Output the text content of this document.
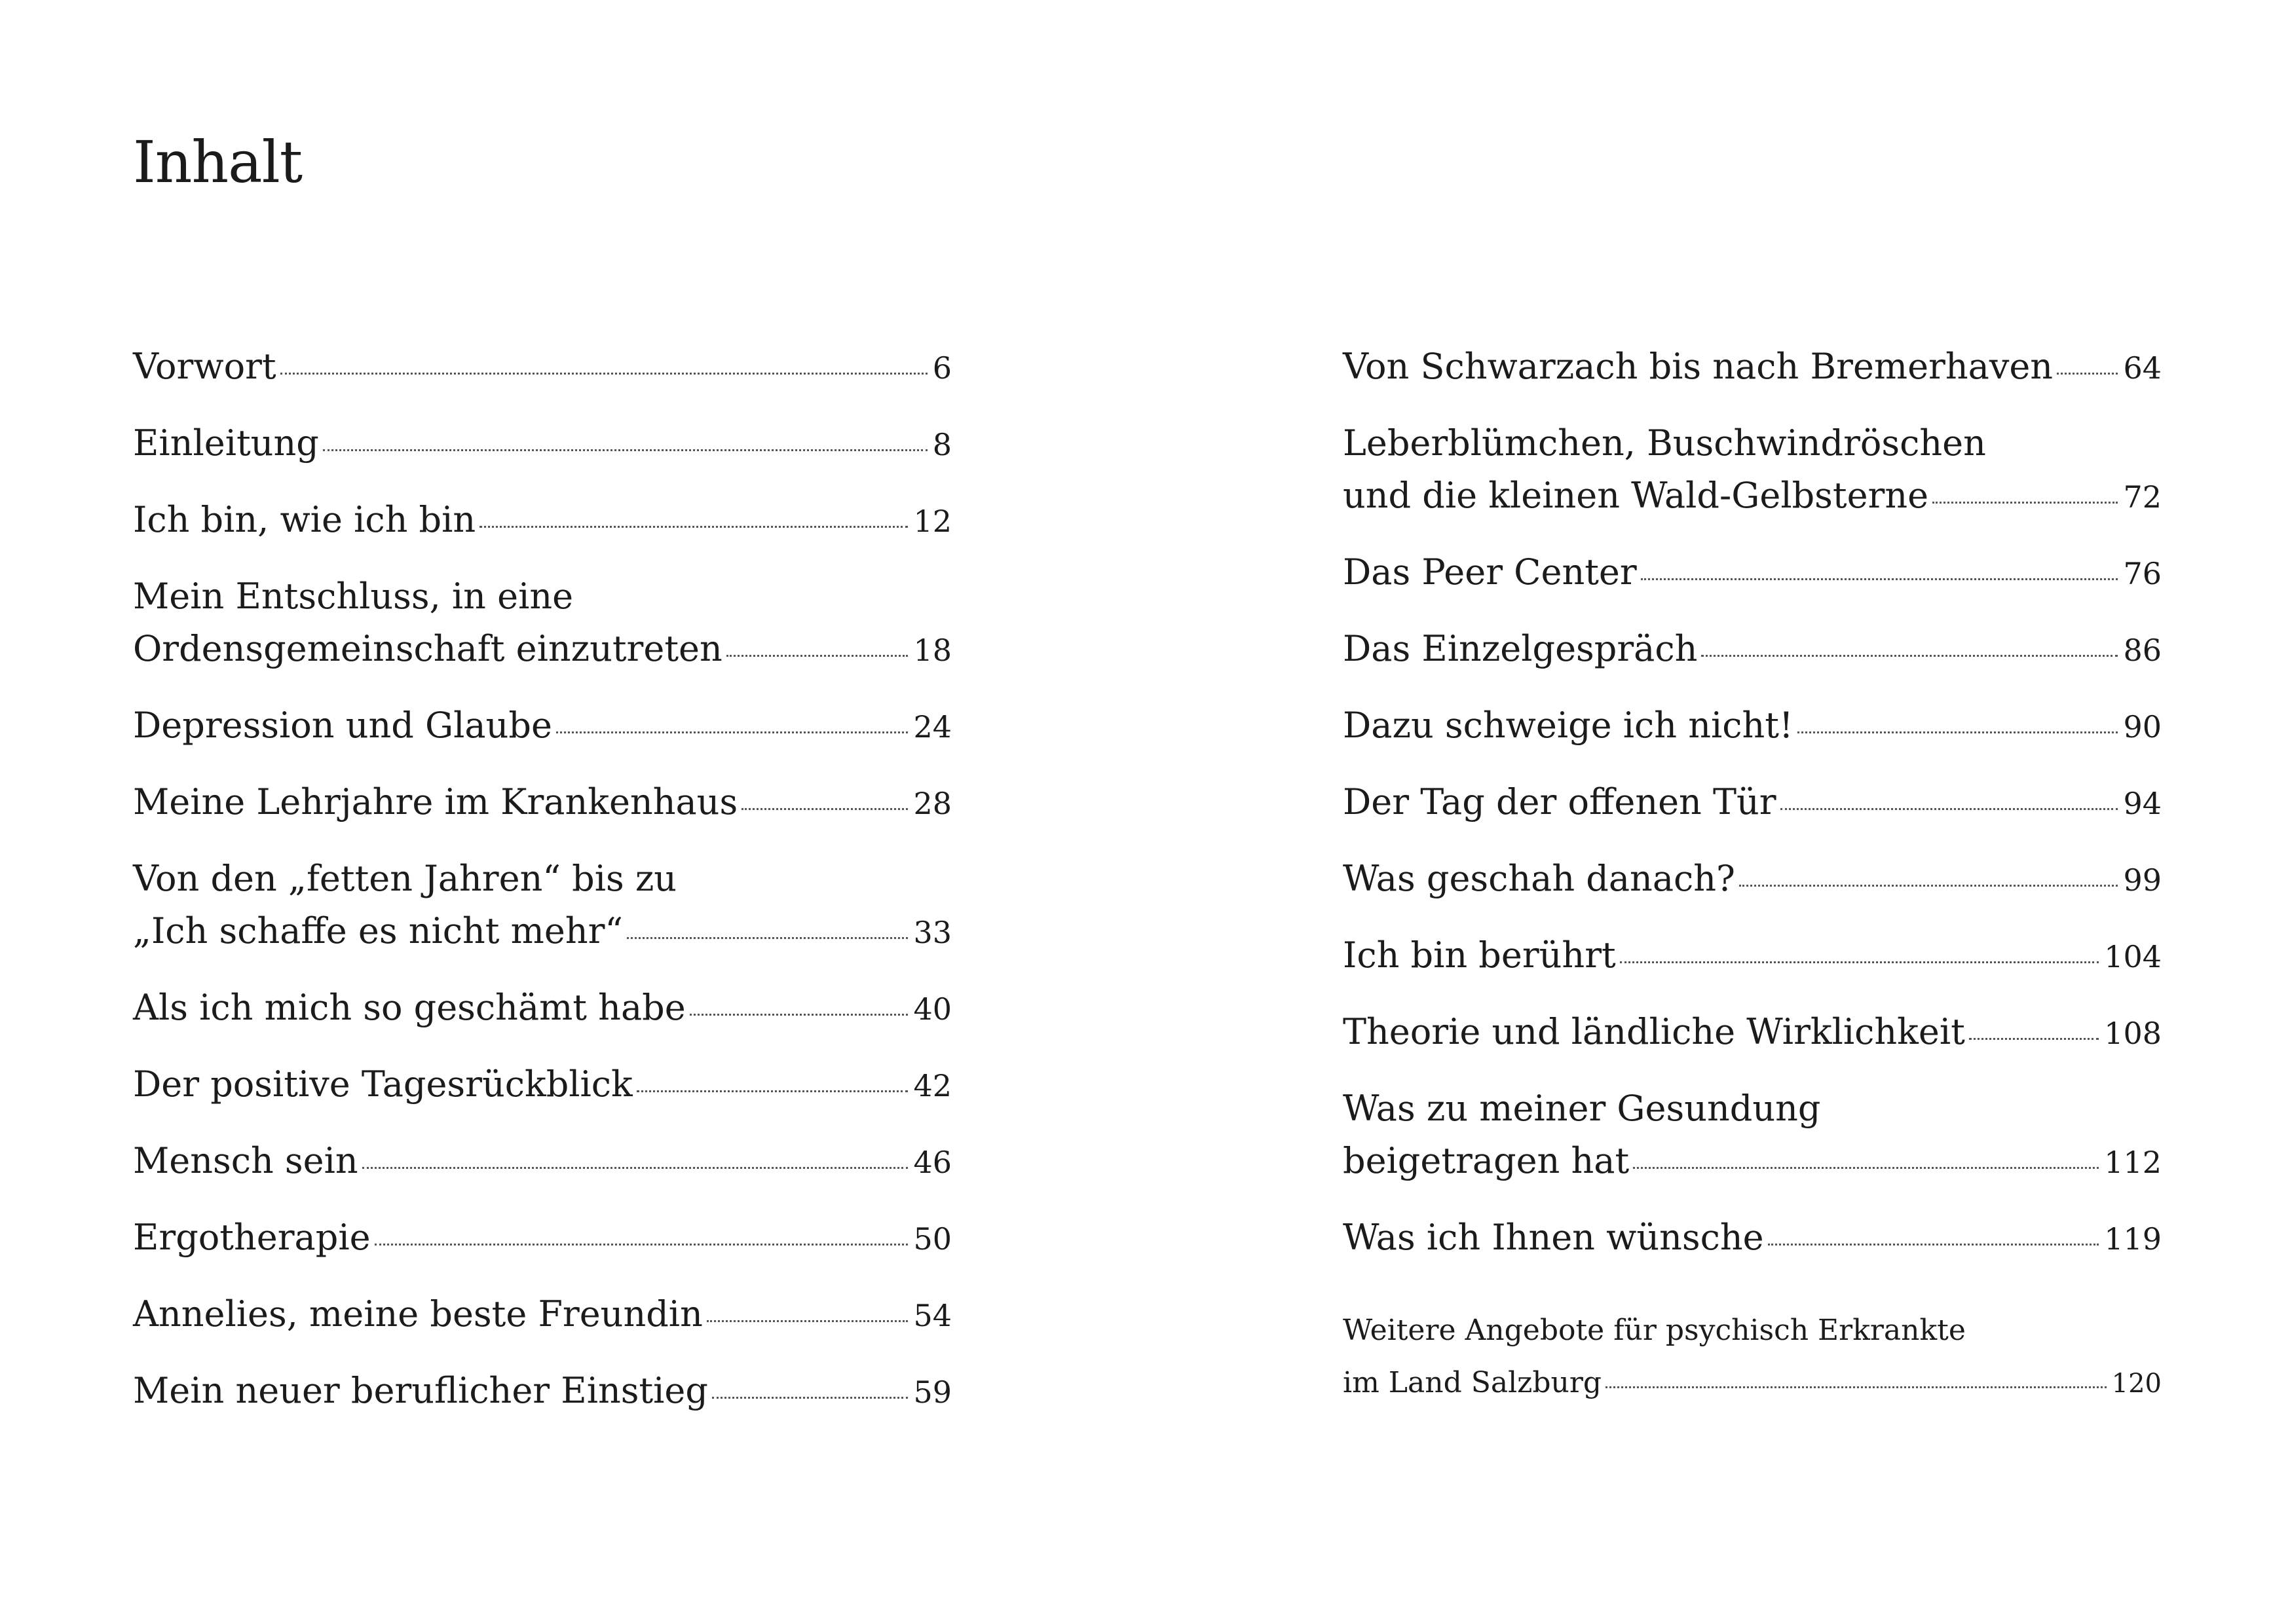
Inhalt
Vorwort	6
Einleitung	8
Ich bin, wie ich bin	12
Mein Entschluss, in eine
Ordensgemeinschaft einzutreten	18
Depression und Glaube	24
Meine Lehrjahre im Krankenhaus	28
Von den „fetten Jahren“ bis zu
„Ich schaffe es nicht mehr“	33
Als ich mich so geschämt habe	40
Der positive Tagesrückblick	42
Mensch sein	46
Ergotherapie	50
Annelies, meine beste Freundin	54
Mein neuer beruflicher Einstieg	59
Von Schwarzach bis nach Bremerhaven 64
Leberblümchen, Buschwindröschen
und die kleinen Wald-Gelbsterne	72
Das Peer Center	76
Das Einzelgespräch	86
Dazu schweige ich nicht!	90
Der Tag der offenen Tür	94
Was geschah danach?	99
Ich bin berührt	104
Theorie und ländliche Wirklichkeit	108
Was zu meiner Gesundung
beigetragen hat	112
Was ich Ihnen wünsche	119
Weitere Angebote für psychisch Erkrankte
im Land Salzburg	120
